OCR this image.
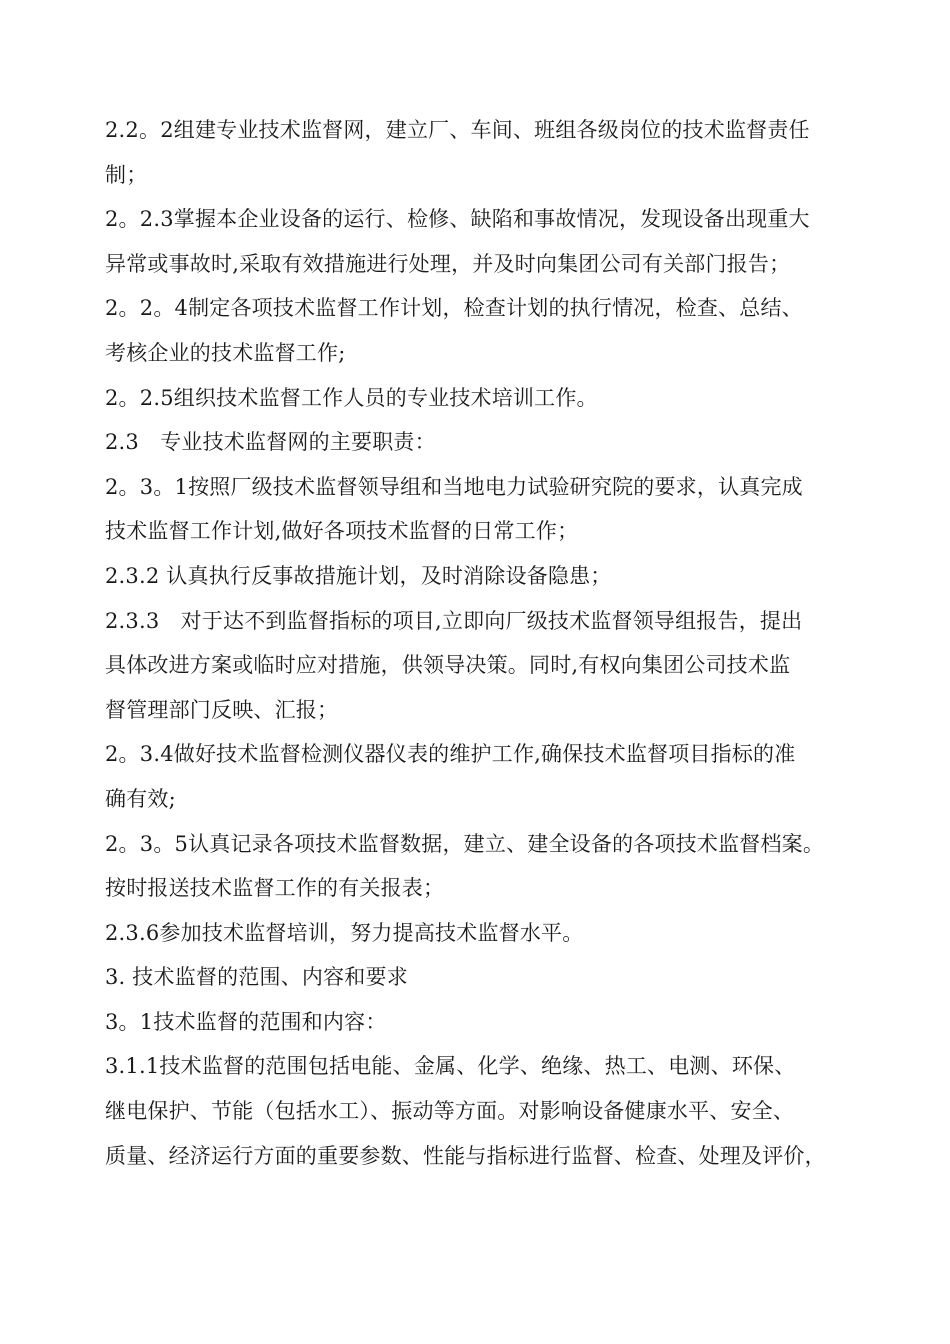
2.2。2组建专业技术监督网，建立厂、车间、班组各级岗位的技术监督责任
制；
2。2.3掌握本企业设备的运行、检修、缺陷和事故情况，发现设备出现重大
异常或事故时,采取有效措施进行处理，并及时向集团公司有关部门报告；
2。2。4制定各项技术监督工作计划，检查计划的执行情况，检查、总结、
考核企业的技术监督工作;
2。2.5组织技术监督工作人员的专业技术培训工作。
2.3　专业技术监督网的主要职责：
2。3。1按照厂级技术监督领导组和当地电力试验研究院的要求，认真完成
技术监督工作计划,做好各项技术监督的日常工作；
2.3.2 认真执行反事故措施计划，及时消除设备隐患；
2.3.3　对于达不到监督指标的项目,立即向厂级技术监督领导组报告，提出
具体改进方案或临时应对措施，供领导决策。同时,有权向集团公司技术监
督管理部门反映、汇报；
2。3.4做好技术监督检测仪器仪表的维护工作,确保技术监督项目指标的准
确有效;
2。3。5认真记录各项技术监督数据，建立、建全设备的各项技术监督档案。
按时报送技术监督工作的有关报表；
2.3.6参加技术监督培训，努力提高技术监督水平。
3. 技术监督的范围、内容和要求
3。1技术监督的范围和内容：
3.1.1技术监督的范围包括电能、金属、化学、绝缘、热工、电测、环保、
继电保护、节能（包括水工）、振动等方面。对影响设备健康水平、安全、
质量、经济运行方面的重要参数、性能与指标进行监督、检查、处理及评价，
